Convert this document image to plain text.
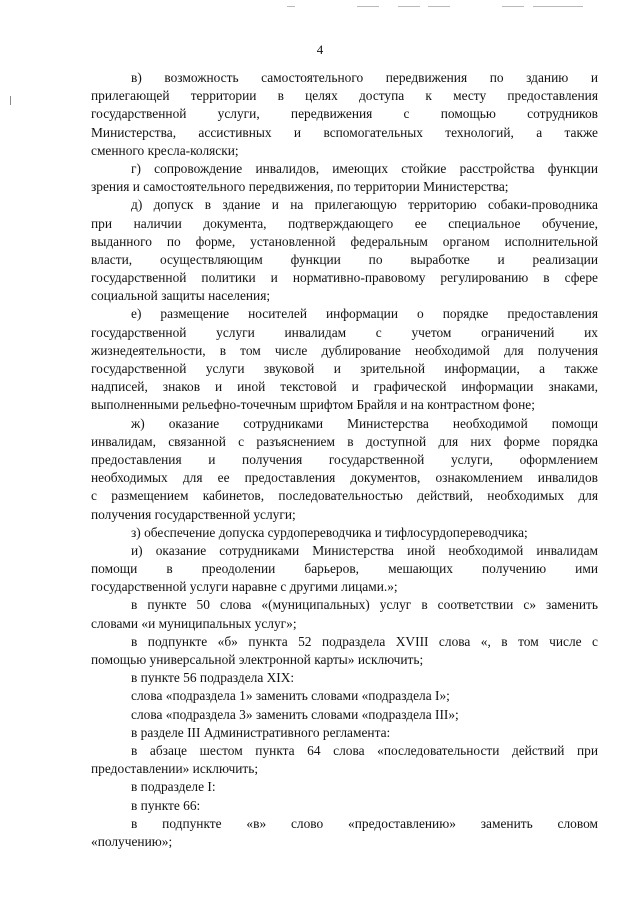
4
в) возможность самостоятельного передвижения по зданию и
прилегающей территории в целях доступа к месту предоставления
государственной услуги, передвижения с помощью сотрудников
Министерства, ассистивных и вспомогательных технологий, а также
сменного кресла-коляски;
г) сопровождение инвалидов, имеющих стойкие расстройства функции
зрения и самостоятельного передвижения, по территории Министерства;
д) допуск в здание и на прилегающую территорию собаки-проводника
при наличии документа, подтверждающего ее специальное обучение,
выданного по форме, установленной федеральным органом исполнительной
власти, осуществляющим функции по выработке и реализации
государственной политики и нормативно-правовому регулированию в сфере
социальной защиты населения;
е) размещение носителей информации о порядке предоставления
государственной услуги инвалидам с учетом ограничений их
жизнедеятельности, в том числе дублирование необходимой для получения
государственной услуги звуковой и зрительной информации, а также
надписей, знаков и иной текстовой и графической информации знаками,
выполненными рельефно-точечным шрифтом Брайля и на контрастном фоне;
ж) оказание сотрудниками Министерства необходимой помощи
инвалидам, связанной с разъяснением в доступной для них форме порядка
предоставления и получения государственной услуги, оформлением
необходимых для ее предоставления документов, ознакомлением инвалидов
с размещением кабинетов, последовательностью действий, необходимых для
получения государственной услуги;
з) обеспечение допуска сурдопереводчика и тифлосурдопереводчика;
и) оказание сотрудниками Министерства иной необходимой инвалидам
помощи в преодолении барьеров, мешающих получению ими
государственной услуги наравне с другими лицами.»;
в пункте 50 слова «(муниципальных) услуг в соответствии с» заменить
словами «и муниципальных услуг»;
в подпункте «б» пункта 52 подраздела XVIII слова «, в том числе с
помощью универсальной электронной карты» исключить;
в пункте 56 подраздела XIX:
слова «подраздела 1» заменить словами «подраздела I»;
слова «подраздела 3» заменить словами «подраздела III»;
в разделе III Административного регламента:
в абзаце шестом пункта 64 слова «последовательности действий при
предоставлении» исключить;
в подразделе I:
в пункте 66:
в подпункте «в» слово «предоставлению» заменить словом
«получению»;
